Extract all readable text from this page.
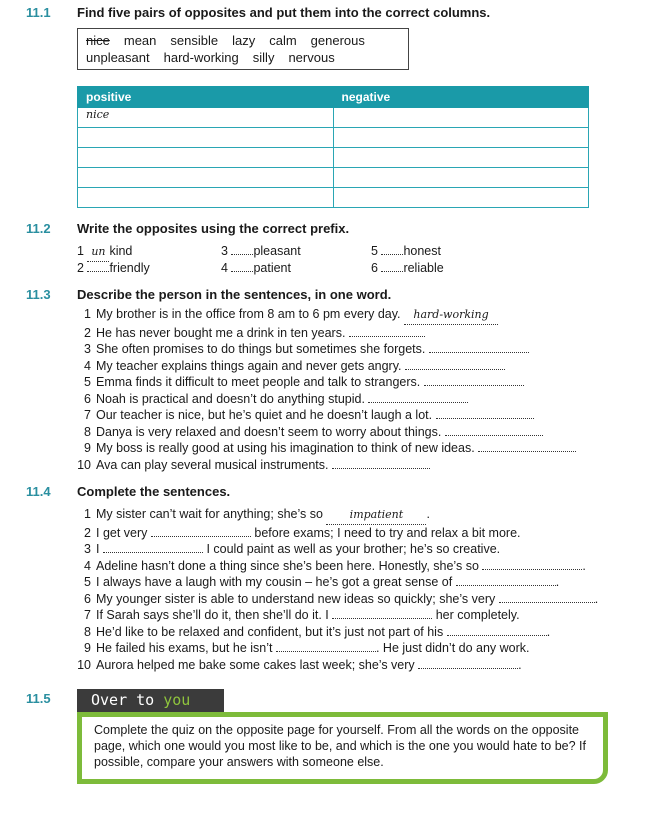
11.1 Find five pairs of opposites and put them into the correct columns.
nice mean sensible lazy calm generous
unpleasant hard-working silly nervous
positive	negative
nice	

11.2 Write the opposites using the correct prefix.
1 un kind
2 friendly
3 pleasant
4 patient
5 honest
6 reliable
11.3 Describe the person in the sentences, in one word.
1 My brother is in the office from 8 am to 6 pm every day. hard-working
2 He has never bought me a drink in ten years.
3 She often promises to do things but sometimes she forgets.
4 My teacher explains things again and never gets angry.
5 Emma finds it difficult to meet people and talk to strangers.
6 Noah is practical and doesn’t do anything stupid.
7 Our teacher is nice, but he’s quiet and he doesn’t laugh a lot.
8 Danya is very relaxed and doesn’t seem to worry about things.
9 My boss is really good at using his imagination to think of new ideas.
10 Ava can play several musical instruments.
11.4 Complete the sentences.
1 My sister can’t wait for anything; she’s so impatient .
2 I get very	before exams; I need to try and relax a bit more.
3 I	I could paint as well as your brother; he’s so creative.
4 Adeline hasn’t done a thing since she’s been here. Honestly, she’s so	.
5 I always have a laugh with my cousin – he’s got a great sense of	.
6 My younger sister is able to understand new ideas so quickly; she’s very	.
7 If Sarah says she’ll do it, then she’ll do it. I	her completely.
8 He’d like to be relaxed and confident, but it’s just not part of his	.
9 He failed his exams, but he isn’t	. He just didn’t do any work.
10 Aurora helped me bake some cakes last week; she’s very	.
11.5	Over to you
Complete the quiz on the opposite page for yourself. From all the words on the opposite page, which one would you most like to be, and which is the one you would hate to be? If possible, compare your answers with someone else.
